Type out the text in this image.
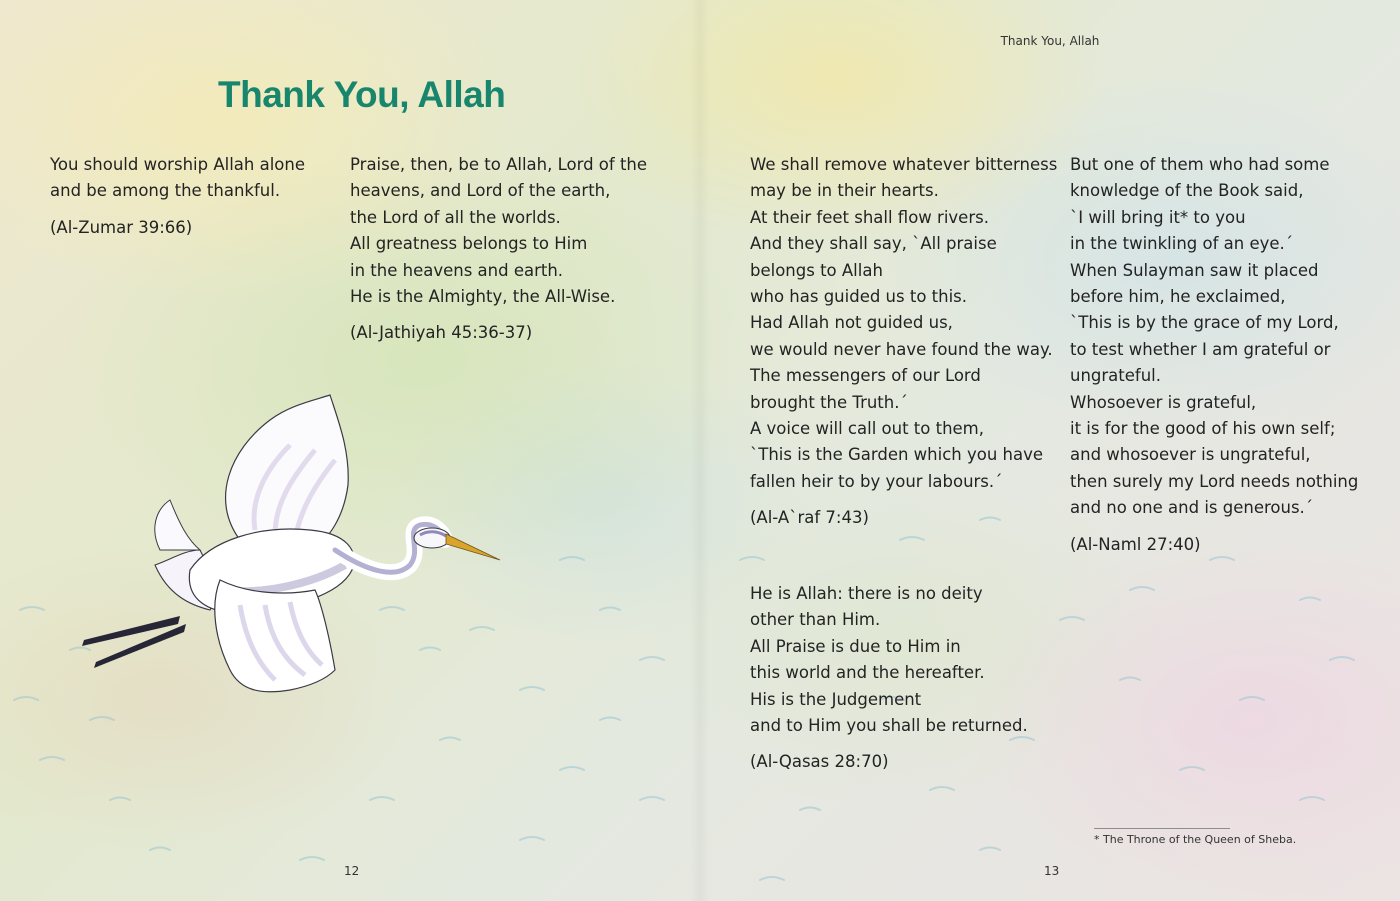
Thank You, Allah
Thank You, Allah
You should worship Allah alone
and be among the thankful.
(Al-Zumar 39:66)
Praise, then, be to Allah, Lord of the
heavens, and Lord of the earth,
the Lord of all the worlds.
All greatness belongs to Him
in the heavens and earth.
He is the Almighty, the All-Wise.
(Al-Jathiyah 45:36-37)
We shall remove whatever bitterness
may be in their hearts.
At their feet shall flow rivers.
And they shall say, `All praise
belongs to Allah
who has guided us to this.
Had Allah not guided us,
we would never have found the way.
The messengers of our Lord
brought the Truth.´
A voice will call out to them,
`This is the Garden which you have
fallen heir to by your labours.´
(Al-A`raf 7:43)
He is Allah: there is no deity
other than Him.
All Praise is due to Him in
this world and the hereafter.
His is the Judgement
and to Him you shall be returned.
(Al-Qasas 28:70)
But one of them who had some
knowledge of the Book said,
`I will bring it* to you
in the twinkling of an eye.´
When Sulayman saw it placed
before him, he exclaimed,
`This is by the grace of my Lord,
to test whether I am grateful or
ungrateful.
Whosoever is grateful,
it is for the good of his own self;
and whosoever is ungrateful,
then surely my Lord needs nothing
and no one and is generous.´
(Al-Naml 27:40)
* The Throne of the Queen of Sheba.
12	13
